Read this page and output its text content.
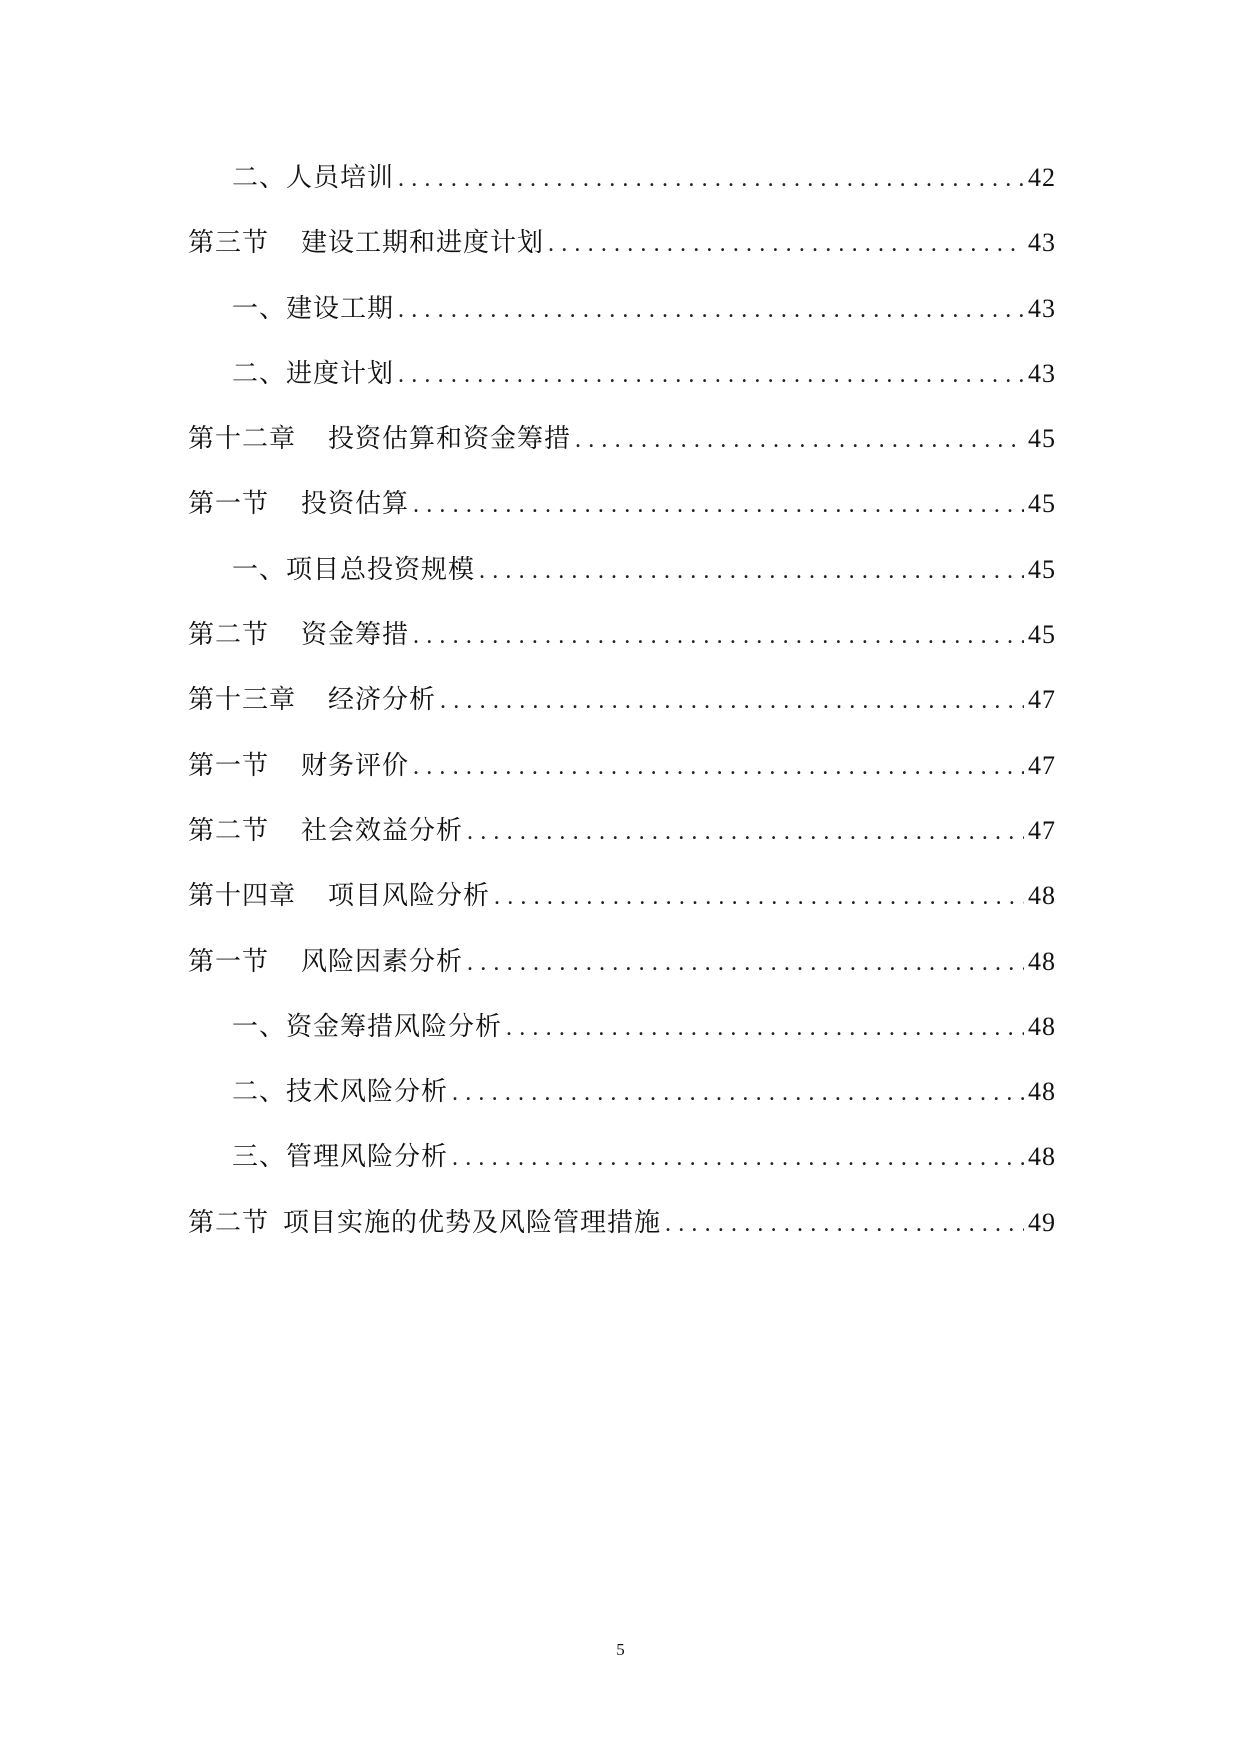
二、人员培训 .....	42
第三节 建设工期和进度计划 .....	43
一、建设工期 .....	43
二、进度计划 .....	43
第十二章 投资估算和资金筹措 .....	45
第一节 投资估算 .....	45
一、项目总投资规模 .....	45
第二节 资金筹措 .....	45
第十三章 经济分析 .....	47
第一节 财务评价 .....	47
第二节 社会效益分析 .....	47
第十四章 项目风险分析 .....	48
第一节 风险因素分析 .....	48
一、资金筹措风险分析 .....	48
二、技术风险分析 .....	48
三、管理风险分析 .....	48
第二节 项目实施的优势及风险管理措施 .....	49
5
